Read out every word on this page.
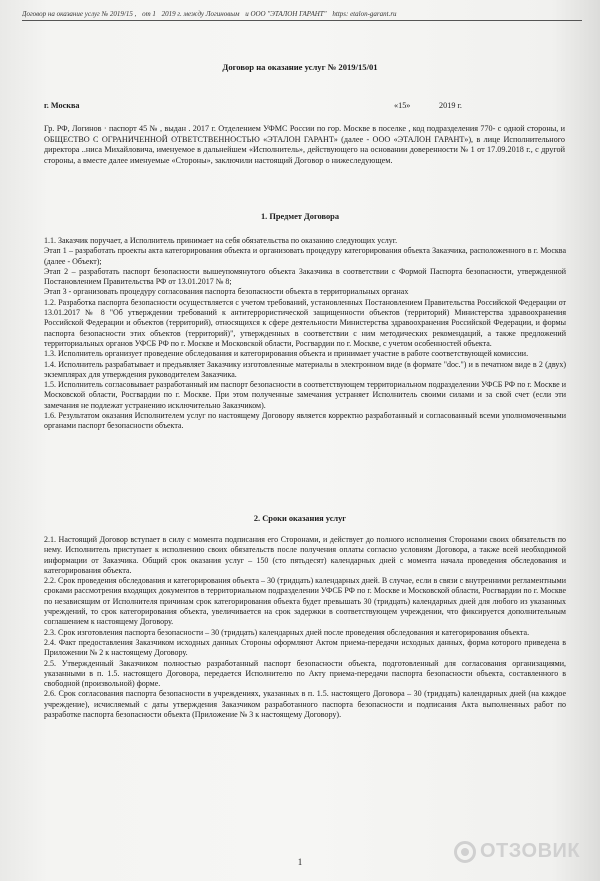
Договор на оказание услуг № 2019/15 , от 1 2019 г. между Логиновым и ООО "ЭТАЛОН ГАРАНТ" https: etalon-garant.ru
Договор на оказание услуг № 2019/15/01
г. Москва	«15»	2019 г.
Гр. РФ, Логинов · паспорт 45 № , выдан . 2017 г. Отделением УФМС России по гор. Москве в поселке , код подразделения 770- с одной стороны, и ОБЩЕСТВО С ОГРАНИЧЕННОЙ ОТВЕТСТВЕННОСТЬЮ «ЭТАЛОН ГАРАНТ» (далее - ООО «ЭТАЛОН ГАРАНТ»), в лице Исполнительного директора ..ниса Михайловича, именуемое в дальнейшем «Исполнитель», действующего на основании доверенности № 1 от 17.09.2018 г., с другой стороны, а вместе далее именуемые «Стороны», заключили настоящий Договор о нижеследующем.
1. Предмет Договора

1.1. Заказчик поручает, а Исполнитель принимает на себя обязательства по оказанию следующих услуг.

Этап 1 – разработать проекты акта категорирования объекта и организовать процедуру категорирования объекта Заказчика, расположенного в г. Москва (далее - Объект);

Этап 2 – разработать паспорт безопасности вышеупомянутого объекта Заказчика в соответствии с Формой Паспорта безопасности, утвержденной Постановлением Правительства РФ от 13.01.2017 № 8;

Этап 3 - организовать процедуру согласования паспорта безопасности объекта в территориальных органах

1.2. Разработка паспорта безопасности осуществляется с учетом требований, установленных Постановлением Правительства Российской Федерации от 13.01.2017 № 8 "Об утверждении требований к антитеррористической защищенности объектов (территорий) Министерства здравоохранения Российской Федерации и объектов (территорий), относящихся к сфере деятельности Министерства здравоохранения Российской Федерации, и формы паспорта безопасности этих объектов (территорий)", утвержденных в соответствии с ним методических рекомендаций, а также предложений территориальных органов УФСБ РФ по г. Москве и Московской области, Росгвардии по г. Москве, с учетом особенностей объекта.

1.3. Исполнитель организует проведение обследования и категорирования объекта и принимает участие в работе соответствующей комиссии.

1.4. Исполнитель разрабатывает и предъявляет Заказчику изготовленные материалы в электронном виде (в формате "doc.") и в печатном виде в 2 (двух) экземплярах для утверждения руководителем Заказчика.

1.5. Исполнитель согласовывает разработанный им паспорт безопасности в соответствующем территориальном подразделении УФСБ РФ по г. Москве и Московской области, Росгвардии по г. Москве. При этом полученные замечания устраняет Исполнитель своими силами и за свой счет (если эти замечания не подлежат устранению исключительно Заказчиком).

1.6. Результатом оказания Исполнителем услуг по настоящему Договору является корректно разработанный и согласованный всеми уполномоченными органами паспорт безопасности объекта.

2. Сроки оказания услуг

2.1. Настоящий Договор вступает в силу с момента подписания его Сторонами, и действует до полного исполнения Сторонами своих обязательств по нему. Исполнитель приступает к исполнению своих обязательств после получения оплаты согласно условиям Договора, а также всей необходимой информации от Заказчика. Общий срок оказания услуг – 150 (сто пятьдесят) календарных дней с момента начала проведения обследования и категорирования объекта.

2.2. Срок проведения обследования и категорирования объекта – 30 (тридцать) календарных дней. В случае, если в связи с внутренними регламентными сроками рассмотрения входящих документов в территориальном подразделении УФСБ РФ по г. Москве и Московской области, Росгвардии по г. Москве по независящим от Исполнителя причинам срок категорирования объекта будет превышать 30 (тридцать) календарных дней для любого из указанных учреждений, то срок категорирования объекта, увеличивается на срок задержки в соответствующем учреждении, что фиксируется дополнительным соглашением к настоящему Договору.

2.3. Срок изготовления паспорта безопасности – 30 (тридцать) календарных дней после проведения обследования и категорирования объекта.

2.4. Факт предоставления Заказчиком исходных данных Стороны оформляют Актом приема-передачи исходных данных, форма которого приведена в Приложении № 2 к настоящему Договору.

2.5. Утвержденный Заказчиком полностью разработанный паспорт безопасности объекта, подготовленный для согласования организациями, указанными в п. 1.5. настоящего Договора, передается Исполнителю по Акту приема-передачи паспорта безопасности объекта, составленного в свободной (произвольной) форме.

2.6. Срок согласования паспорта безопасности в учреждениях, указанных в п. 1.5. настоящего Договора – 30 (тридцать) календарных дней (на каждое учреждение), исчисляемый с даты утверждения Заказчиком разработанного паспорта безопасности и подписания Акта выполненных работ по разработке паспорта безопасности объекта (Приложение № 3 к настоящему Договору).

1	ОТЗОВИК
